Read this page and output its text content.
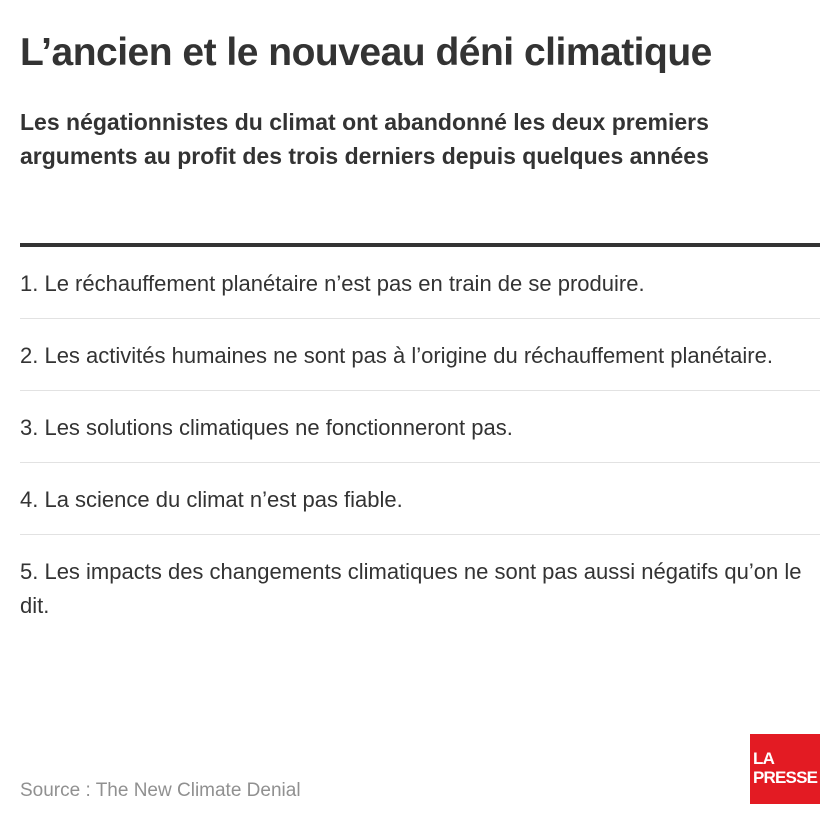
L’ancien et le nouveau déni climatique

Les négationnistes du climat ont abandonné les deux premiers arguments au profit des trois derniers depuis quelques années

1. Le réchauffement planétaire n’est pas en train de se produire.
2. Les activités humaines ne sont pas à l’origine du réchauffement planétaire.
3. Les solutions climatiques ne fonctionneront pas.
4. La science du climat n’est pas fiable.
5. Les impacts des changements climatiques ne sont pas aussi négatifs qu’on le dit.
Source : The New Climate Denial
LA
PRESSE
